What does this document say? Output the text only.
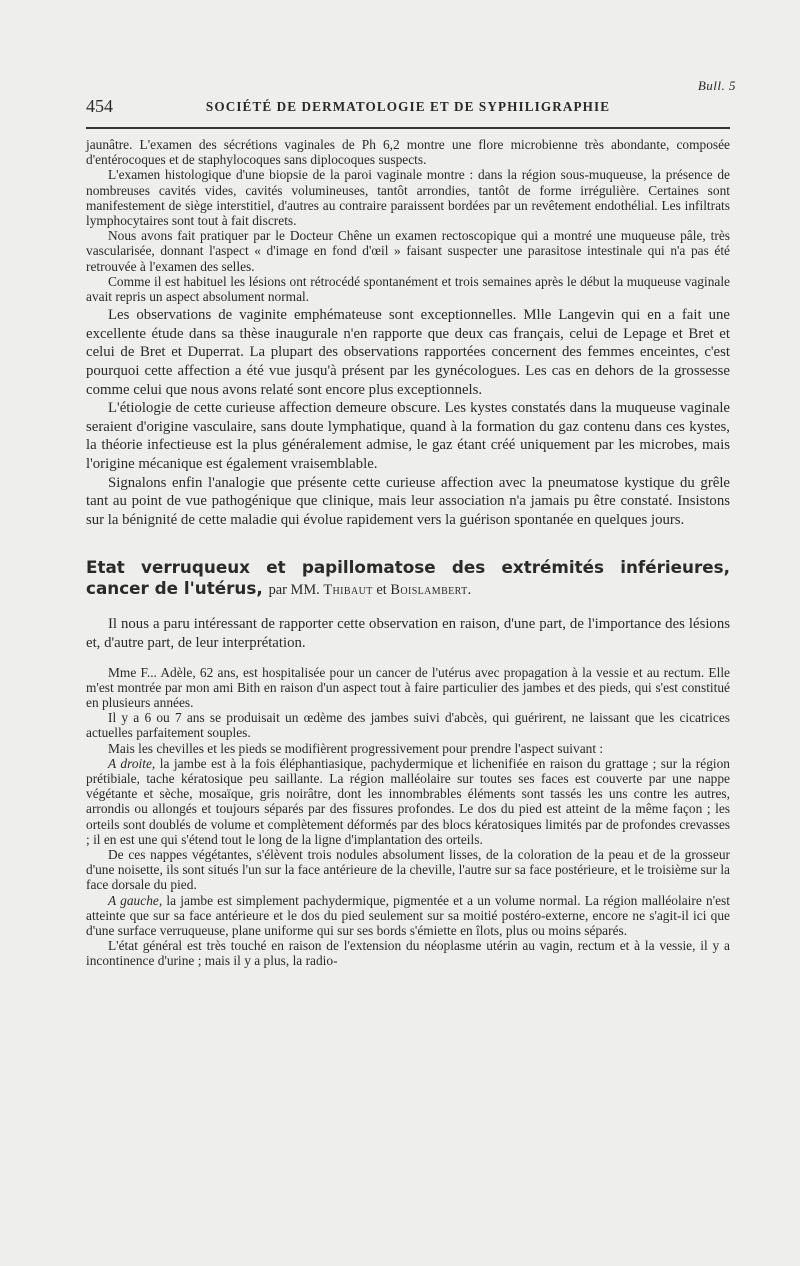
Bull. 5
454	SOCIÉTÉ DE DERMATOLOGIE ET DE SYPHILIGRAPHIE

jaunâtre. L'examen des sécrétions vaginales de Ph 6,2 montre une flore microbienne très abondante, composée d'entérocoques et de staphylocoques sans diplocoques suspects.

L'examen histologique d'une biopsie de la paroi vaginale montre : dans la région sous-muqueuse, la présence de nombreuses cavités vides, cavités volumineuses, tantôt arrondies, tantôt de forme irrégulière. Certaines sont manifestement de siège interstitiel, d'autres au contraire paraissent bordées par un revêtement endothélial. Les infiltrats lymphocytaires sont tout à fait discrets.

Nous avons fait pratiquer par le Docteur Chêne un examen rectoscopique qui a montré une muqueuse pâle, très vascularisée, donnant l'aspect « d'image en fond d'œil » faisant suspecter une parasitose intestinale qui n'a pas été retrouvée à l'examen des selles.

Comme il est habituel les lésions ont rétrocédé spontanément et trois semaines après le début la muqueuse vaginale avait repris un aspect absolument normal.

Les observations de vaginite emphémateuse sont exceptionnelles. Mlle Langevin qui en a fait une excellente étude dans sa thèse inaugurale n'en rapporte que deux cas français, celui de Lepage et Bret et celui de Bret et Duperrat. La plupart des observations rapportées concernent des femmes enceintes, c'est pourquoi cette affection a été vue jusqu'à présent par les gynécologues. Les cas en dehors de la grossesse comme celui que nous avons relaté sont encore plus exceptionnels.

L'étiologie de cette curieuse affection demeure obscure. Les kystes constatés dans la muqueuse vaginale seraient d'origine vasculaire, sans doute lymphatique, quand à la formation du gaz contenu dans ces kystes, la théorie infectieuse est la plus généralement admise, le gaz étant créé uniquement par les microbes, mais l'origine mécanique est également vraisemblable.

Signalons enfin l'analogie que présente cette curieuse affection avec la pneumatose kystique du grêle tant au point de vue pathogénique que clinique, mais leur association n'a jamais pu être constaté. Insistons sur la bénignité de cette maladie qui évolue rapidement vers la guérison spontanée en quelques jours.

Etat verruqueux et papillomatose des extrémités inférieures, cancer de l'utérus, par MM. Thibaut et Boislambert.

Il nous a paru intéressant de rapporter cette observation en raison, d'une part, de l'importance des lésions et, d'autre part, de leur interprétation.

Mme F... Adèle, 62 ans, est hospitalisée pour un cancer de l'utérus avec propagation à la vessie et au rectum. Elle m'est montrée par mon ami Bith en raison d'un aspect tout à faire particulier des jambes et des pieds, qui s'est constitué en plusieurs années.

Il y a 6 ou 7 ans se produisait un œdème des jambes suivi d'abcès, qui guérirent, ne laissant que les cicatrices actuelles parfaitement souples.

Mais les chevilles et les pieds se modifièrent progressivement pour prendre l'aspect suivant :

A droite, la jambe est à la fois éléphantiasique, pachydermique et lichenifiée en raison du grattage ; sur la région prétibiale, tache kératosique peu saillante. La région malléolaire sur toutes ses faces est couverte par une nappe végétante et sèche, mosaïque, gris noirâtre, dont les innombrables éléments sont tassés les uns contre les autres, arrondis ou allongés et toujours séparés par des fissures profondes. Le dos du pied est atteint de la même façon ; les orteils sont doublés de volume et complètement déformés par des blocs kératosiques limités par de profondes crevasses ; il en est une qui s'étend tout le long de la ligne d'implantation des orteils.

De ces nappes végétantes, s'élèvent trois nodules absolument lisses, de la coloration de la peau et de la grosseur d'une noisette, ils sont situés l'un sur la face antérieure de la cheville, l'autre sur sa face postérieure, et le troisième sur la face dorsale du pied.

A gauche, la jambe est simplement pachydermique, pigmentée et a un volume normal. La région malléolaire n'est atteinte que sur sa face antérieure et le dos du pied seulement sur sa moitié postéro-externe, encore ne s'agit-il ici que d'une surface verruqueuse, plane uniforme qui sur ses bords s'émiette en îlots, plus ou moins séparés.

L'état général est très touché en raison de l'extension du néoplasme utérin au vagin, rectum et à la vessie, il y a incontinence d'urine ; mais il y a plus, la radio-
